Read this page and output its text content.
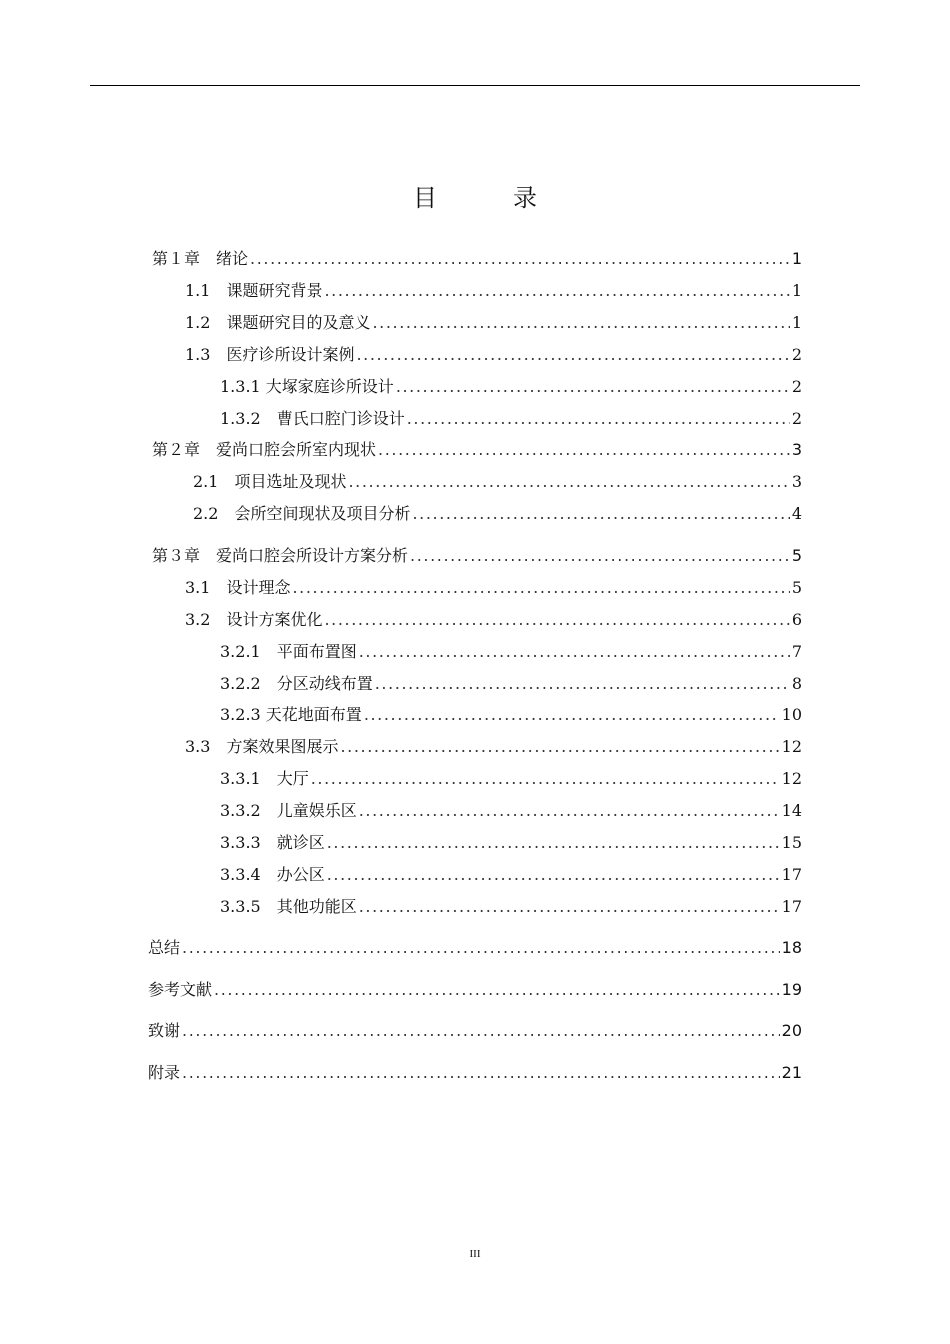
目　录
第１章　绪论 .....	1
1.1　课题研究背景 .....	1
1.2　课题研究目的及意义 .....	1
1.3　医疗诊所设计案例 .....	2
1.3.1 大塚家庭诊所设计 .....	2
1.3.2　曹氏口腔门诊设计 .....	2
第２章　爱尚口腔会所室内现状 .....	3
2.1　项目选址及现状 .....	3
2.2　会所空间现状及项目分析 .....	4
第３章　爱尚口腔会所设计方案分析 .....	5
3.1　设计理念 .....	5
3.2　设计方案优化 .....	6
3.2.1　平面布置图 .....	7
3.2.2　分区动线布置 .....	8
3.2.3 天花地面布置 .....	10
3.3　方案效果图展示 .....	12
3.3.1　大厅 .....	12
3.3.2　儿童娱乐区 .....	14
3.3.3　就诊区 .....	15
3.3.4　办公区 .....	17
3.3.5　其他功能区 .....	17
总结 .....	18
参考文献 .....	19
致谢 .....	20
附录 .....	21
III
